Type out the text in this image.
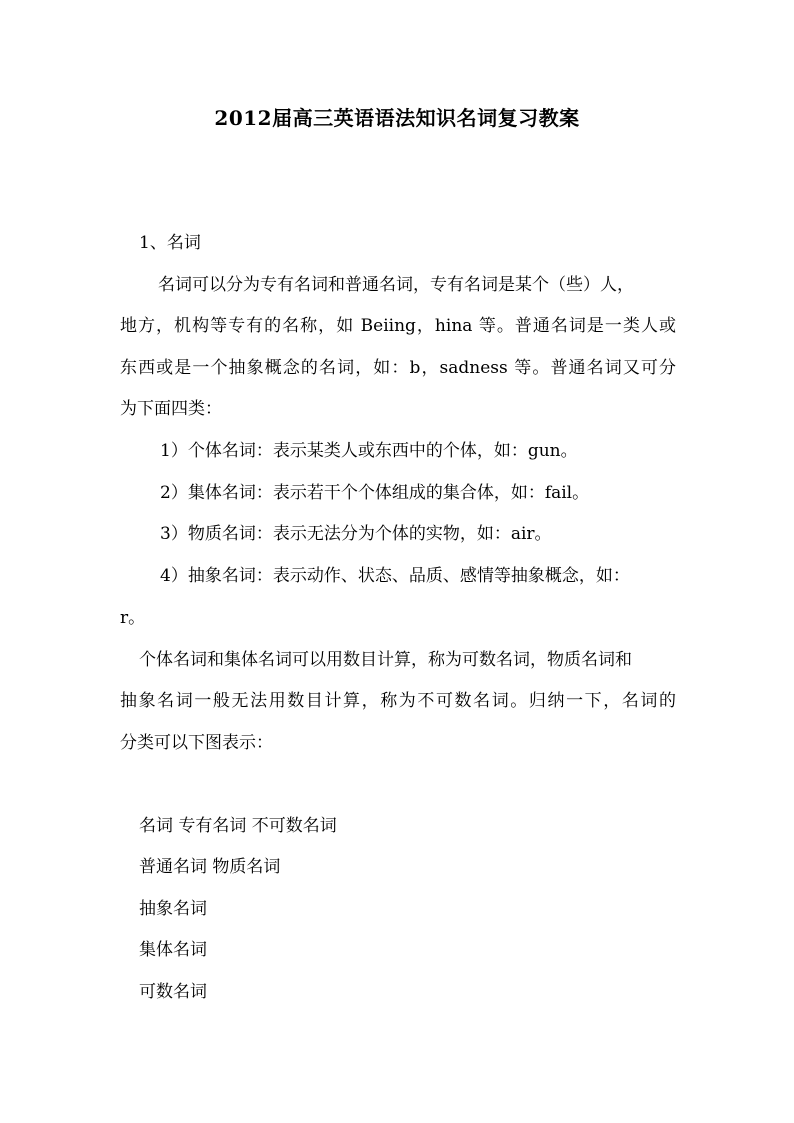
2012届高三英语语法知识名词复习教案
1、名词
名词可以分为专有名词和普通名词，专有名词是某个（些）人，
地方，机构等专有的名称，如 Beiing，hina 等。普通名词是一类人或
东西或是一个抽象概念的名词，如：b，sadness 等。普通名词又可分
为下面四类：
1）个体名词：表示某类人或东西中的个体，如：gun。
2）集体名词：表示若干个个体组成的集合体，如：fail。
3）物质名词：表示无法分为个体的实物，如：air。
4）抽象名词：表示动作、状态、品质、感情等抽象概念，如：
r。
个体名词和集体名词可以用数目计算，称为可数名词，物质名词和
抽象名词一般无法用数目计算，称为不可数名词。归纳一下，名词的
分类可以下图表示：
名词 专有名词 不可数名词
普通名词 物质名词
抽象名词
集体名词
可数名词
